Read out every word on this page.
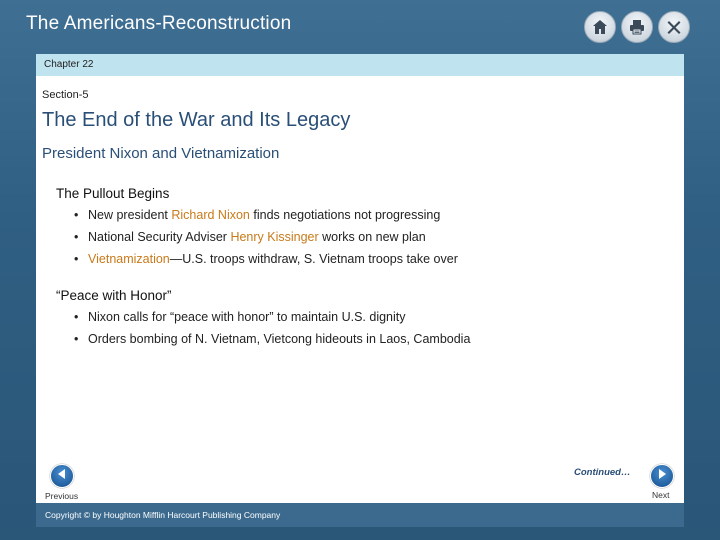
The Americans-Reconstruction
Chapter 22
Section-5
The End of the War and Its Legacy
President Nixon and Vietnamization
The Pullout Begins
• New president Richard Nixon finds negotiations not progressing
• National Security Adviser Henry Kissinger works on new plan
• Vietnamization—U.S. troops withdraw, S. Vietnam troops take over
“Peace with Honor”
• Nixon calls for “peace with honor” to maintain U.S. dignity
• Orders bombing of N. Vietnam, Vietcong hideouts in Laos, Cambodia
Previous
Continued…
Next
Copyright © by Houghton Mifflin Harcourt Publishing Company
